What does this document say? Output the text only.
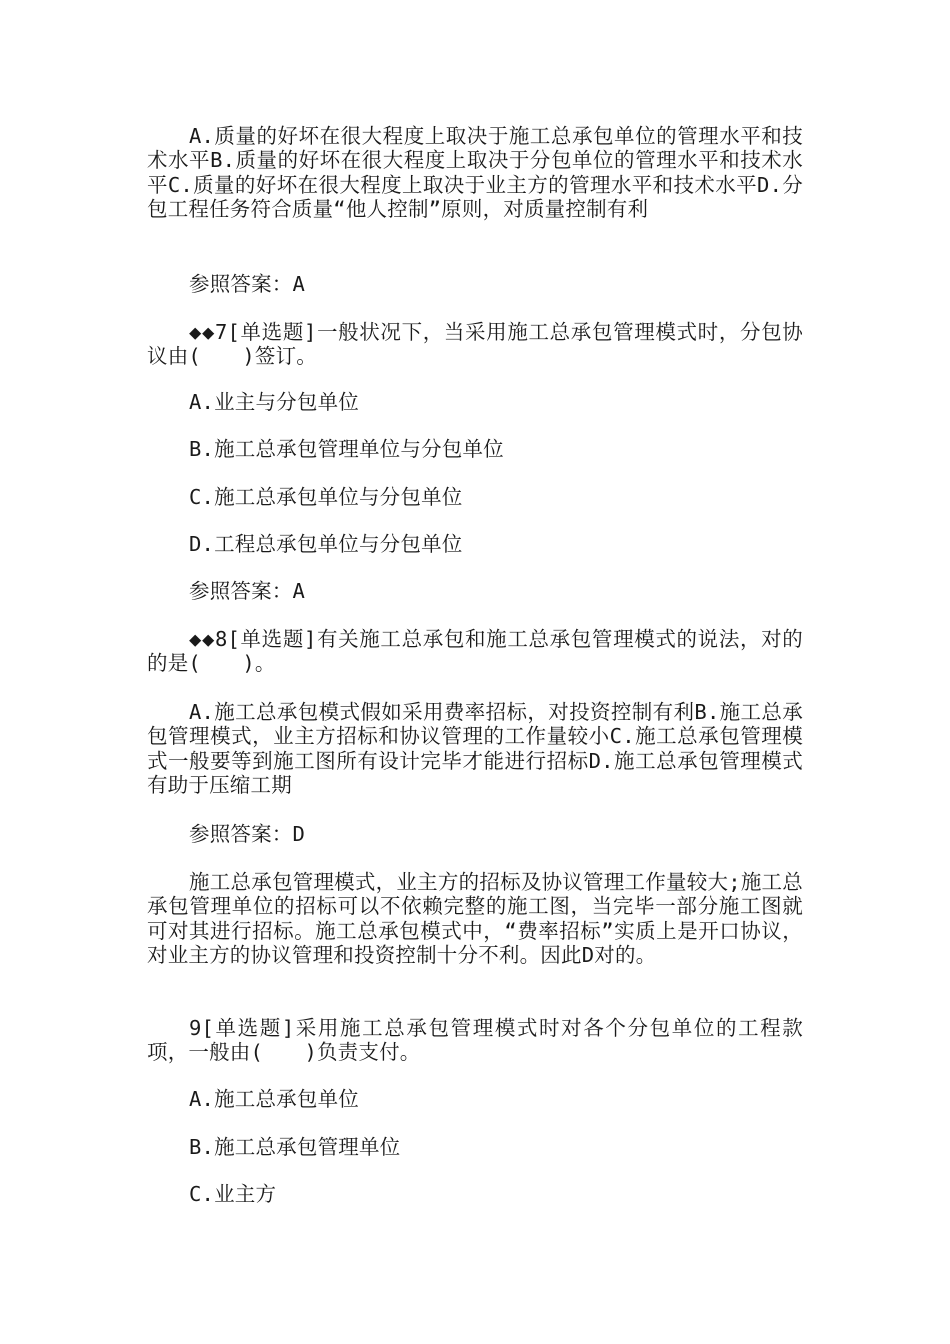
A.质量的好坏在很大程度上取决于施工总承包单位的管理水平和技术水平B.质量的好坏在很大程度上取决于分包单位的管理水平和技术水平C.质量的好坏在很大程度上取决于业主方的管理水平和技术水平D.分包工程任务符合质量“他人控制”原则，对质量控制有利
参照答案：A
◆◆7[单选题]一般状况下，当采用施工总承包管理模式时，分包协议由(　　)签订。
A.业主与分包单位
B.施工总承包管理单位与分包单位
C.施工总承包单位与分包单位
D.工程总承包单位与分包单位
参照答案：A
◆◆8[单选题]有关施工总承包和施工总承包管理模式的说法，对的的是(　　)。
A.施工总承包模式假如采用费率招标，对投资控制有利B.施工总承包管理模式，业主方招标和协议管理的工作量较小C.施工总承包管理模式一般要等到施工图所有设计完毕才能进行招标D.施工总承包管理模式有助于压缩工期
参照答案：D
施工总承包管理模式，业主方的招标及协议管理工作量较大;施工总承包管理单位的招标可以不依赖完整的施工图，当完毕一部分施工图就可对其进行招标。施工总承包模式中，“费率招标”实质上是开口协议，对业主方的协议管理和投资控制十分不利。因此D对的。
9[单选题]采用施工总承包管理模式时对各个分包单位的工程款项，一般由(　　)负责支付。
A.施工总承包单位
B.施工总承包管理单位
C.业主方
